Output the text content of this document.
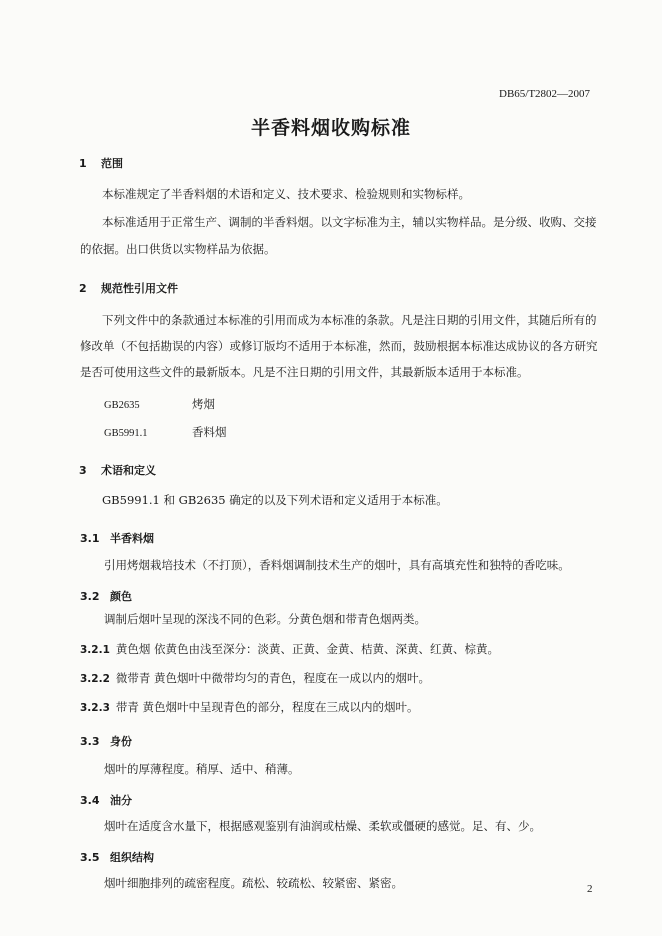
DB65/T2802—2007
半香料烟收购标准
1 范围
本标准规定了半香料烟的术语和定义、技术要求、检验规则和实物标样。
本标准适用于正常生产、调制的半香料烟。以文字标准为主，辅以实物样品。是分级、收购、交接
的依据。出口供货以实物样品为依据。
2 规范性引用文件
下列文件中的条款通过本标准的引用而成为本标准的条款。凡是注日期的引用文件，其随后所有的
修改单（不包括勘误的内容）或修订版均不适用于本标准，然而，鼓励根据本标准达成协议的各方研究
是否可使用这些文件的最新版本。凡是不注日期的引用文件，其最新版本适用于本标准。
GB2635	烤烟
GB5991.1	香料烟
3 术语和定义
GB5991.1 和 GB2635 确定的以及下列术语和定义适用于本标准。
3.1 半香料烟
引用烤烟栽培技术（不打顶），香料烟调制技术生产的烟叶，具有高填充性和独特的香吃味。
3.2 颜色
调制后烟叶呈现的深浅不同的色彩。分黄色烟和带青色烟两类。
3.2.1 黄色烟 依黄色由浅至深分：淡黄、正黄、金黄、桔黄、深黄、红黄、棕黄。
3.2.2 微带青 黄色烟叶中微带均匀的青色，程度在一成以内的烟叶。
3.2.3 带青 黄色烟叶中呈现青色的部分，程度在三成以内的烟叶。
3.3 身份
烟叶的厚薄程度。稍厚、适中、稍薄。
3.4 油分
烟叶在适度含水量下，根据感观鉴别有油润或枯燥、柔软或僵硬的感觉。足、有、少。
3.5 组织结构
烟叶细胞排列的疏密程度。疏松、较疏松、较紧密、紧密。	2
